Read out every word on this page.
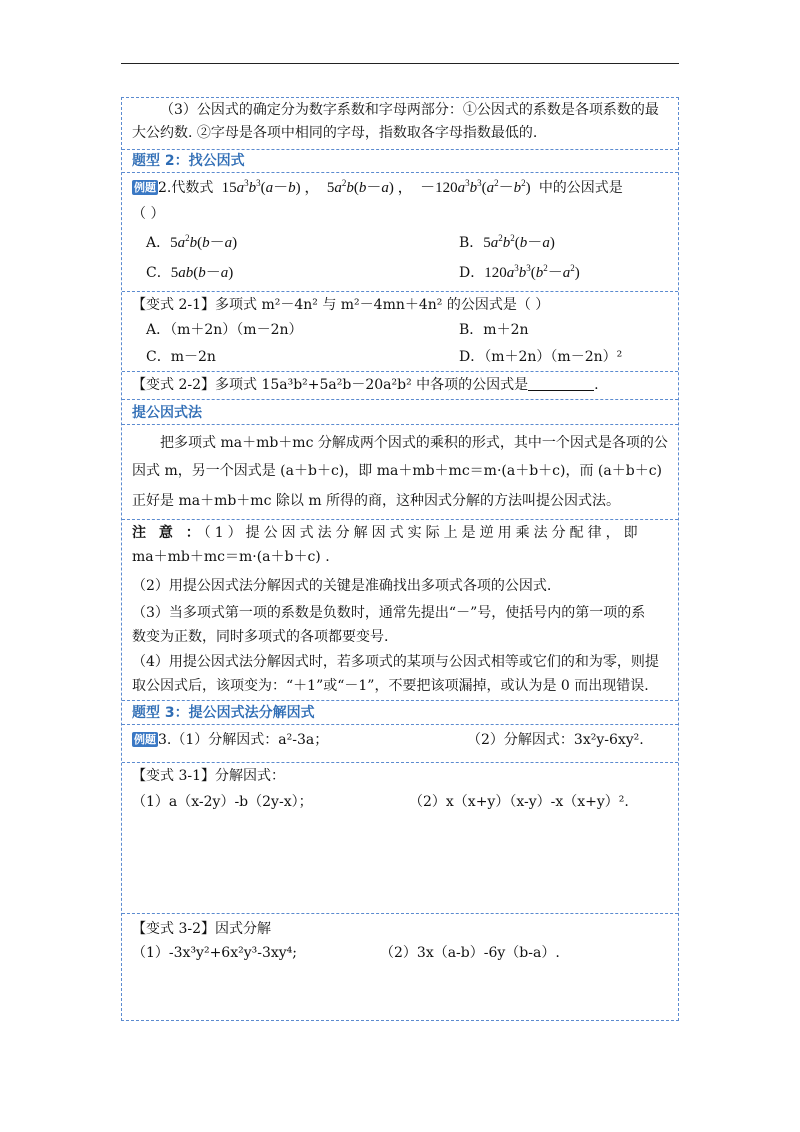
（3）公因式的确定分为数字系数和字母两部分：①公因式的系数是各项系数的最
大公约数. ②字母是各项中相同的字母，指数取各字母指数最低的.
题型 2：找公因式
例题 2.代数式  $15a^3b^3(a-b)$ ，  $5a^2b(b-a)$ ，  $-120a^3b^3(a^2-b^2)$  中的公因式是
（ ）
A．$5a^2b(b-a)$	B．$5a^2b^2(b-a)$
C．5ab(b－a)	D．$120a^3b^3(b^2-a^2)$
【变式 2-1】多项式 m²－4n² 与 m²－4mn＋4n² 的公因式是（ ）
A．（m＋2n）（m－2n）	B．m＋2n
C．m－2n	D．（m＋2n）（m－2n）²
【变式 2-2】多项式 15a³b²+5a²b－20a²b² 中各项的公因式是	.
提公因式法
把多项式 ma＋mb＋mc 分解成两个因式的乘积的形式，其中一个因式是各项的公
因式 m，另一个因式是 (a＋b＋c)，即 ma＋mb＋mc＝m·(a＋b＋c)，而 (a＋b＋c)
正好是 ma＋mb＋mc 除以 m 所得的商，这种因式分解的方法叫提公因式法。
注 意 ：（1）提公因式法分解因式实际上是逆用乘法分配律，即
ma＋mb＋mc＝m·(a＋b＋c) .
（2）用提公因式法分解因式的关键是准确找出多项式各项的公因式.
（3）当多项式第一项的系数是负数时，通常先提出“－”号，使括号内的第一项的系
数变为正数，同时多项式的各项都要变号.
（4）用提公因式法分解因式时，若多项式的某项与公因式相等或它们的和为零，则提
取公因式后，该项变为：“＋1”或“－1”，不要把该项漏掉，或认为是 0 而出现错误.
题型 3：提公因式法分解因式
例题 3.（1）分解因式：a²-3a；	（2）分解因式：3x²y-6xy².
【变式 3-1】分解因式：
（1）a（x-2y）-b（2y-x）；	（2）x（x+y）（x-y）-x（x+y）².
【变式 3-2】因式分解
（1）-3x³y²+6x²y³-3xy⁴;	（2）3x（a-b）-6y（b-a）.
